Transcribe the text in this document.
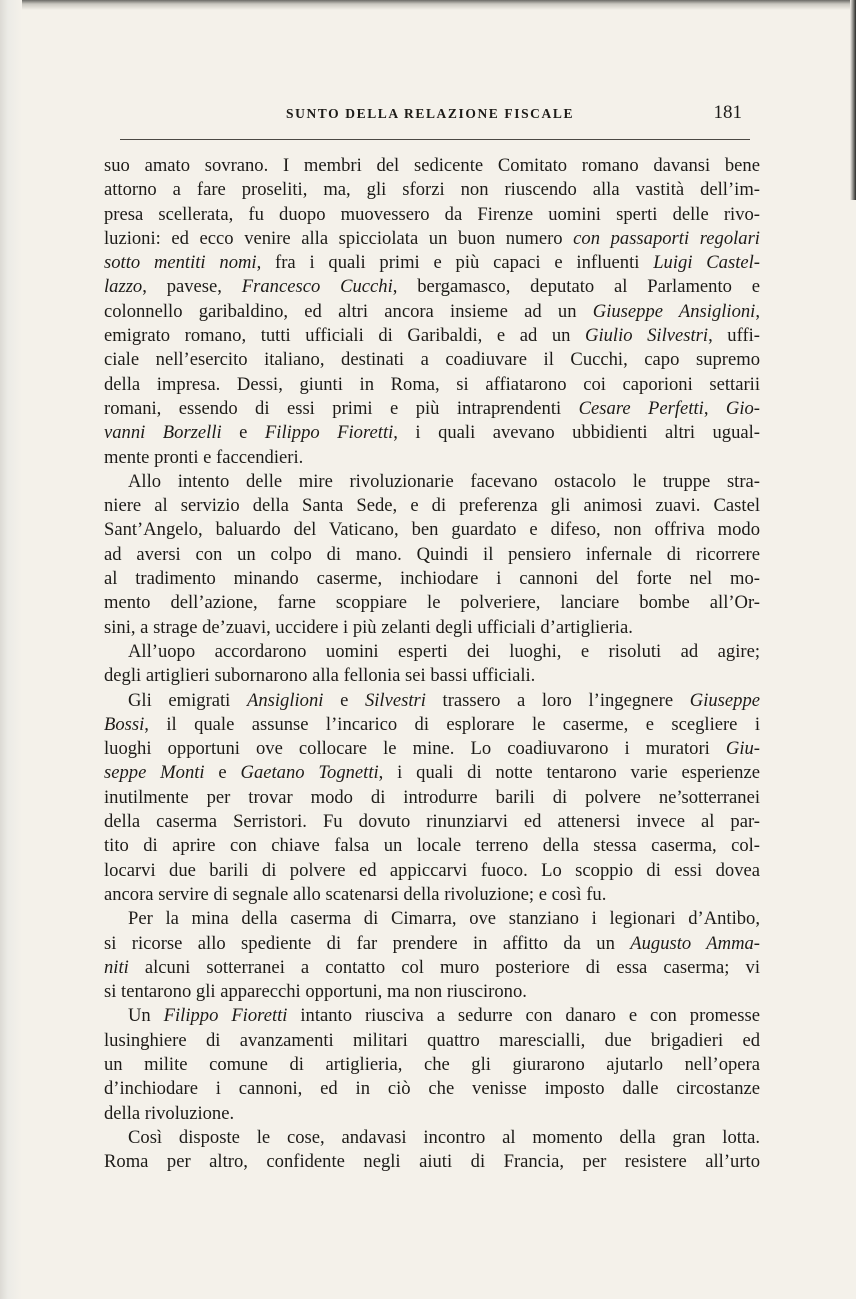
SUNTO DELLA RELAZIONE FISCALE	181
suo amato sovrano. I membri del sedicente Comitato romano davansi bene
attorno a fare proseliti, ma, gli sforzi non riuscendo alla vastità dell’im-
presa scellerata, fu duopo muovessero da Firenze uomini sperti delle rivo-
luzioni: ed ecco venire alla spicciolata un buon numero con passaporti regolari
sotto mentiti nomi, fra i quali primi e più capaci e influenti Luigi Castel-
lazzo, pavese, Francesco Cucchi, bergamasco, deputato al Parlamento e
colonnello garibaldino, ed altri ancora insieme ad un Giuseppe Ansiglioni,
emigrato romano, tutti ufficiali di Garibaldi, e ad un Giulio Silvestri, uffi-
ciale nell’esercito italiano, destinati a coadiuvare il Cucchi, capo supremo
della impresa. Dessi, giunti in Roma, si affiatarono coi caporioni settarii
romani, essendo di essi primi e più intraprendenti Cesare Perfetti, Gio-
vanni Borzelli e Filippo Fioretti, i quali avevano ubbidienti altri ugual-
mente pronti e faccendieri.
Allo intento delle mire rivoluzionarie facevano ostacolo le truppe stra-
niere al servizio della Santa Sede, e di preferenza gli animosi zuavi. Castel
Sant’Angelo, baluardo del Vaticano, ben guardato e difeso, non offriva modo
ad aversi con un colpo di mano. Quindi il pensiero infernale di ricorrere
al tradimento minando caserme, inchiodare i cannoni del forte nel mo-
mento dell’azione, farne scoppiare le polveriere, lanciare bombe all’Or-
sini, a strage de’zuavi, uccidere i più zelanti degli ufficiali d’artiglieria.
All’uopo accordarono uomini esperti dei luoghi, e risoluti ad agire;
degli artiglieri subornarono alla fellonia sei bassi ufficiali.
Gli emigrati Ansiglioni e Silvestri trassero a loro l’ingegnere Giuseppe
Bossi, il quale assunse l’incarico di esplorare le caserme, e scegliere i
luoghi opportuni ove collocare le mine. Lo coadiuvarono i muratori Giu-
seppe Monti e Gaetano Tognetti, i quali di notte tentarono varie esperienze
inutilmente per trovar modo di introdurre barili di polvere ne’sotterranei
della caserma Serristori. Fu dovuto rinunziarvi ed attenersi invece al par-
tito di aprire con chiave falsa un locale terreno della stessa caserma, col-
locarvi due barili di polvere ed appiccarvi fuoco. Lo scoppio di essi dovea
ancora servire di segnale allo scatenarsi della rivoluzione; e così fu.
Per la mina della caserma di Cimarra, ove stanziano i legionari d’Antibo,
si ricorse allo spediente di far prendere in affitto da un Augusto Amma-
niti alcuni sotterranei a contatto col muro posteriore di essa caserma; vi
si tentarono gli apparecchi opportuni, ma non riuscirono.
Un Filippo Fioretti intanto riusciva a sedurre con danaro e con promesse
lusinghiere di avanzamenti militari quattro marescialli, due brigadieri ed
un milite comune di artiglieria, che gli giurarono ajutarlo nell’opera
d’inchiodare i cannoni, ed in ciò che venisse imposto dalle circostanze
della rivoluzione.
Così disposte le cose, andavasi incontro al momento della gran lotta.
Roma per altro, confidente negli aiuti di Francia, per resistere all’urto
